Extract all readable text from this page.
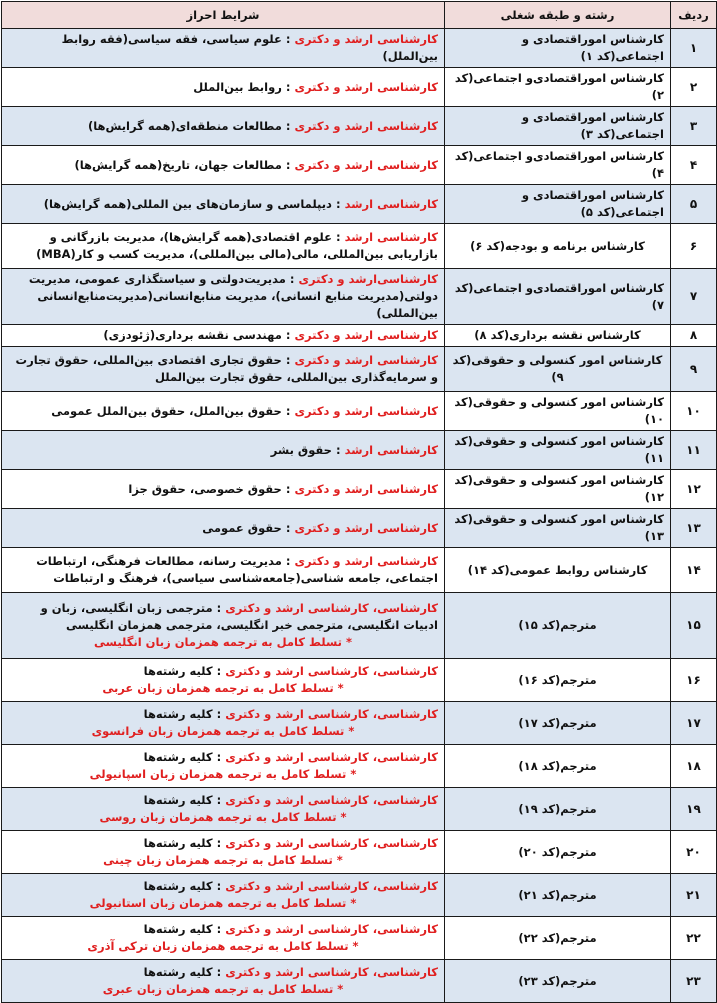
ردیف	رشته و طبقه شغلی	شرایط احراز
۱	کارشناس اموراقتصادی و اجتماعی(کد ۱)	کارشناسی ارشد و دکتری : علوم سیاسی، فقه سیاسی(فقه روابط بین‌الملل)
۲	کارشناس اموراقتصادی‌و اجتماعی(کد ۲)	کارشناسی ارشد و دکتری : روابط بین‌الملل
۳	کارشناس اموراقتصادی و اجتماعی(کد ۳)	کارشناسی ارشد و دکتری : مطالعات منطقه‌ای(همه گرایش‌ها)
۴	کارشناس اموراقتصادی‌و اجتماعی(کد ۴)	کارشناسی ارشد و دکتری : مطالعات جهان، تاریخ(همه گرایش‌ها)
۵	کارشناس اموراقتصادی و اجتماعی(کد ۵)	کارشناسی ارشد : دیپلماسی و سازمان‌های بین المللی(همه گرایش‌ها)
۶	کارشناس برنامه و بودجه(کد ۶)	کارشناسی ارشد : علوم اقتصادی(همه گرایش‌ها)، مدیریت بازرگانی و بازاریابی بین‌المللی، مالی(مالی بین‌المللی)، مدیریت کسب و کار(MBA)
۷	کارشناس اموراقتصادی‌و اجتماعی(کد ۷)	کارشناسی‌ارشد و دکتری : مدیریت‌دولتی و سیاستگذاری عمومی، مدیریت دولتی(مدیریت منابع انسانی)، مدیریت منابع‌انسانی(مدیریت‌منابع‌انسانی بین‌المللی)
۸	کارشناس نقشه برداری(کد ۸)	کارشناسی ارشد و دکتری : مهندسی نقشه برداری(ژئودزی)
۹	کارشناس امور کنسولی و حقوقی(کد ۹)	کارشناسی ارشد و دکتری : حقوق تجاری اقتصادی بین‌المللی، حقوق تجارت و سرمایه‌گذاری بین‌المللی، حقوق تجارت بین‌الملل
۱۰	کارشناس امور کنسولی و حقوقی(کد ۱۰)	کارشناسی ارشد و دکتری : حقوق بین‌الملل، حقوق بین‌الملل عمومی
۱۱	کارشناس امور کنسولی و حقوقی(کد ۱۱)	کارشناسی ارشد : حقوق بشر
۱۲	کارشناس امور کنسولی و حقوقی(کد ۱۲)	کارشناسی ارشد و دکتری : حقوق خصوصی، حقوق جزا
۱۳	کارشناس امور کنسولی و حقوقی(کد ۱۳)	کارشناسی ارشد و دکتری : حقوق عمومی
۱۴	کارشناس روابط عمومی(کد ۱۴)	کارشناسی ارشد و دکتری : مدیریت رسانه، مطالعات فرهنگی، ارتباطات اجتماعی، جامعه شناسی(جامعه‌شناسی سیاسی)، فرهنگ و ارتباطات
۱۵	مترجم(کد ۱۵)	کارشناسی، کارشناسی ارشد و دکتری : مترجمی زبان انگلیسی، زبان و ادبیات انگلیسی، مترجمی خبر انگلیسی، مترجمی همزمان انگلیسی
* تسلط کامل به ترجمه همزمان زبان انگلیسی

۱۶	مترجم(کد ۱۶)	کارشناسی، کارشناسی ارشد و دکتری : کلیه رشته‌ها
* تسلط کامل به ترجمه همزمان زبان عربی

۱۷	مترجم(کد ۱۷)	کارشناسی، کارشناسی ارشد و دکتری : کلیه رشته‌ها
* تسلط کامل به ترجمه همزمان زبان فرانسوی

۱۸	مترجم(کد ۱۸)	کارشناسی، کارشناسی ارشد و دکتری : کلیه رشته‌ها
* تسلط کامل به ترجمه همزمان زبان اسپانیولی

۱۹	مترجم(کد ۱۹)	کارشناسی، کارشناسی ارشد و دکتری : کلیه رشته‌ها
* تسلط کامل به ترجمه همزمان زبان روسی

۲۰	مترجم(کد ۲۰)	کارشناسی، کارشناسی ارشد و دکتری : کلیه رشته‌ها
* تسلط کامل به ترجمه همزمان زبان چینی

۲۱	مترجم(کد ۲۱)	کارشناسی، کارشناسی ارشد و دکتری : کلیه رشته‌ها
* تسلط کامل به ترجمه همزمان زبان استانبولی

۲۲	مترجم(کد ۲۲)	کارشناسی، کارشناسی ارشد و دکتری : کلیه رشته‌ها
* تسلط کامل به ترجمه همزمان زبان ترکی آذری

۲۳	مترجم(کد ۲۳)	کارشناسی، کارشناسی ارشد و دکتری : کلیه رشته‌ها
* تسلط کامل به ترجمه همزمان زبان عبری
